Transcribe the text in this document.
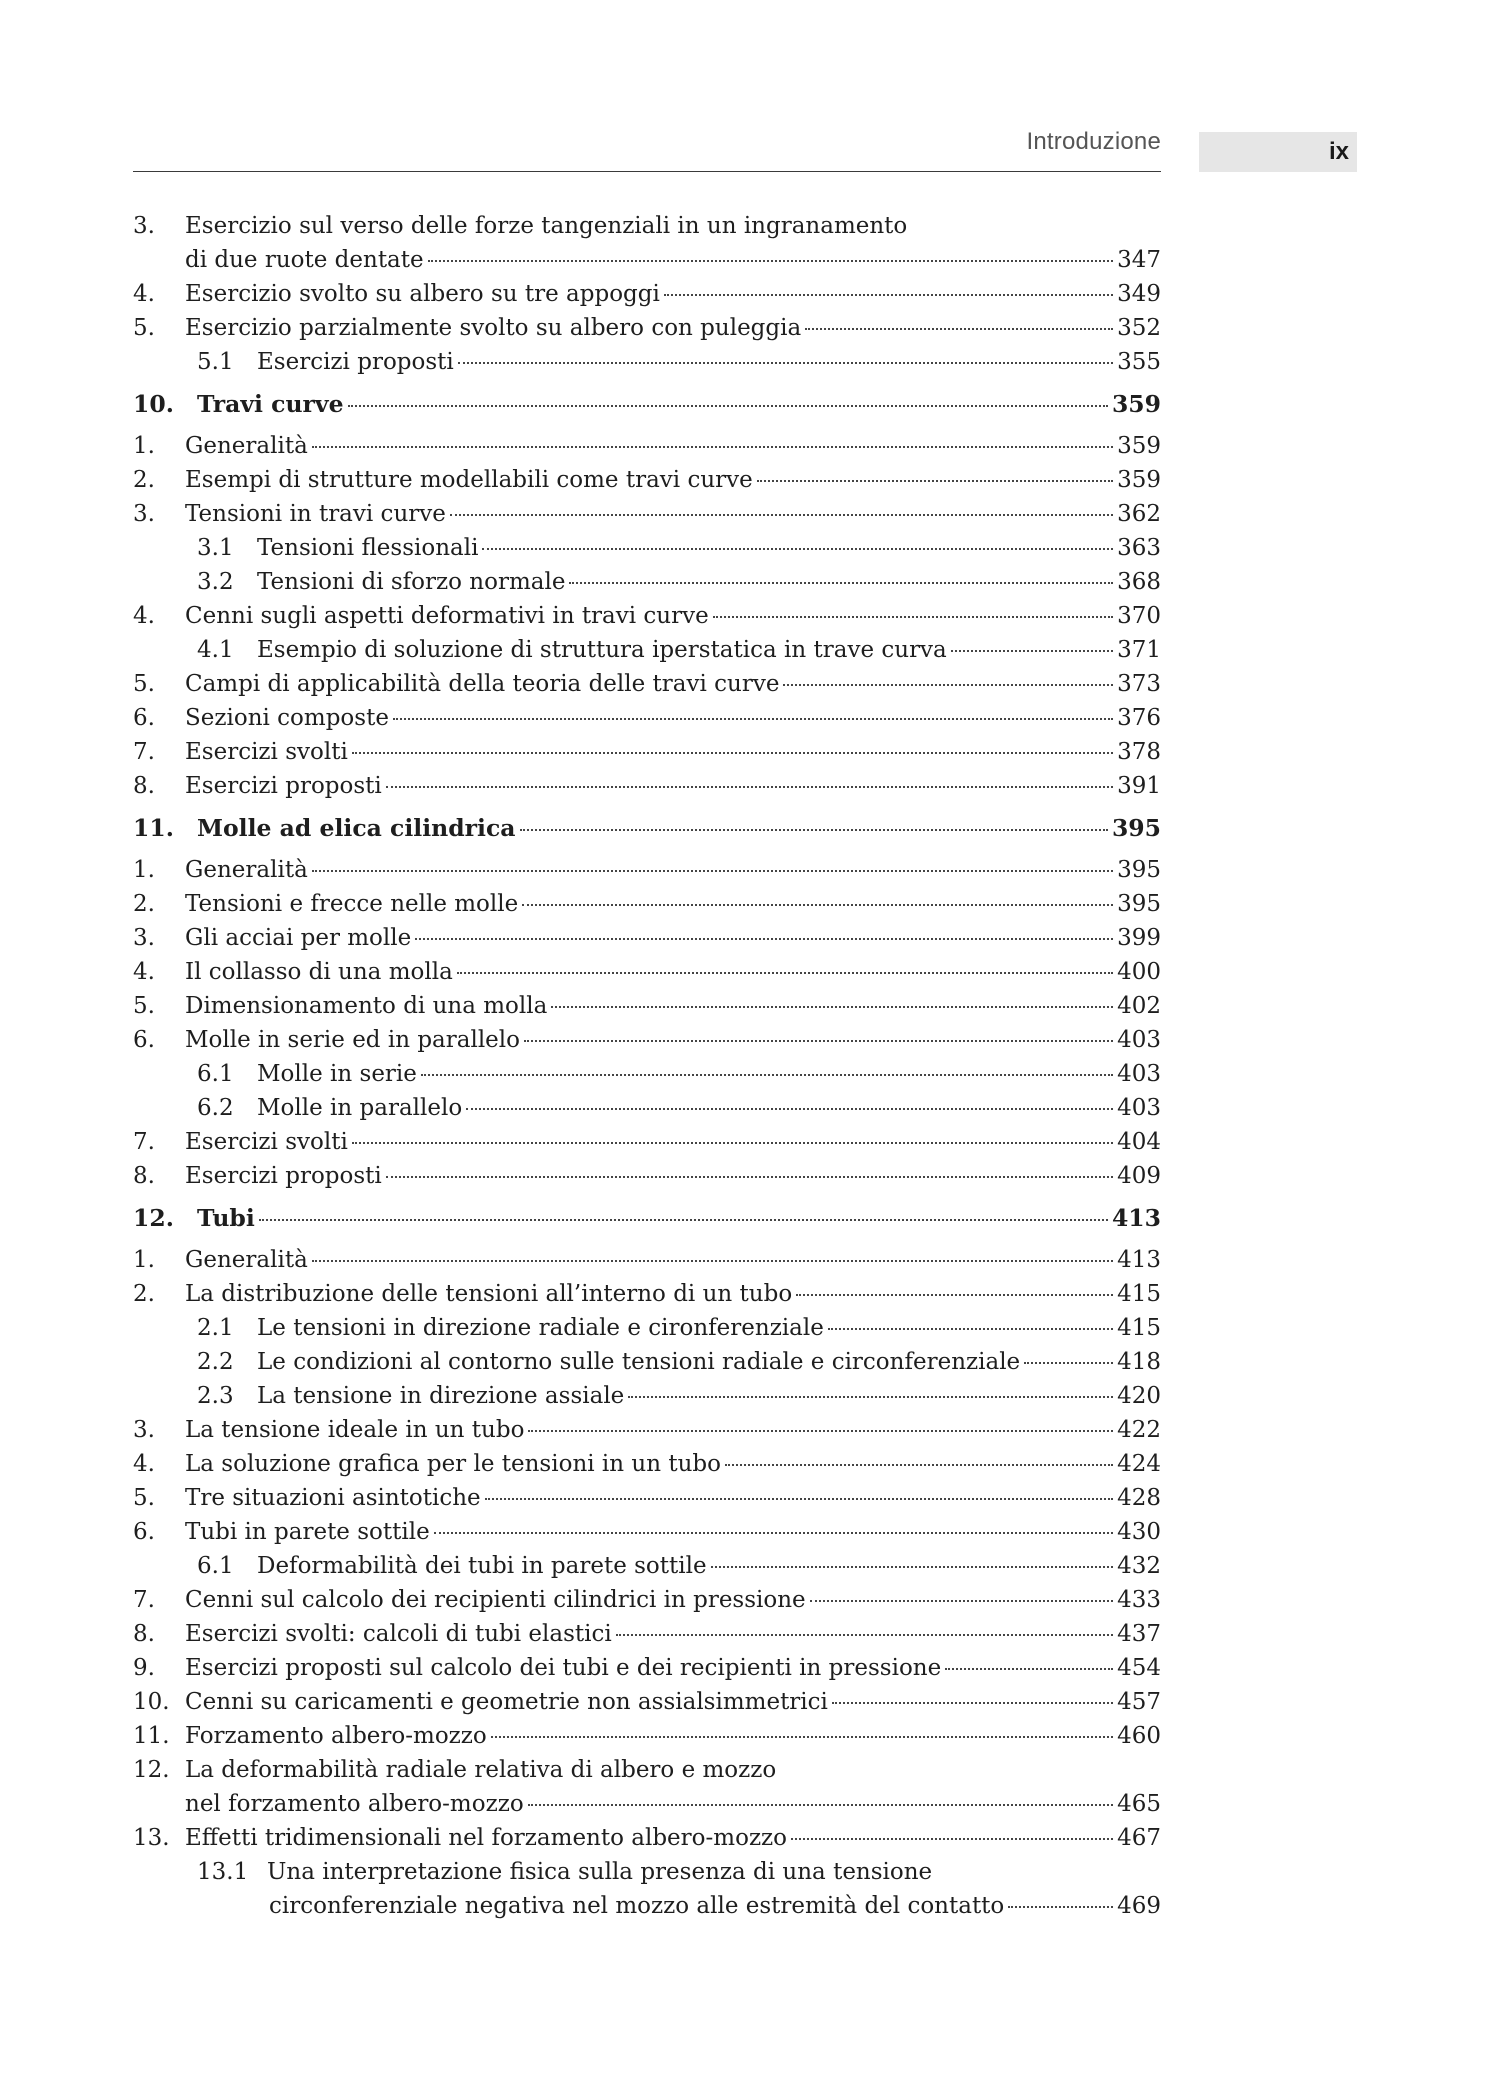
Introduzione	ix
3.	Esercizio sul verso delle forze tangenziali in un ingranamento
di due ruote dentate	347
4.	Esercizio svolto su albero su tre appoggi	349
5.	Esercizio parzialmente svolto su albero con puleggia	352
5.1	Esercizi proposti	355
10. Travi curve	359
1.	Generalità	359
2.	Esempi di strutture modellabili come travi curve	359
3.	Tensioni in travi curve	362
3.1	Tensioni flessionali	363
3.2	Tensioni di sforzo normale	368
4.	Cenni sugli aspetti deformativi in travi curve	370
4.1	Esempio di soluzione di struttura iperstatica in trave curva	371
5.	Campi di applicabilità della teoria delle travi curve	373
6.	Sezioni composte	376
7.	Esercizi svolti	378
8.	Esercizi proposti	391
11. Molle ad elica cilindrica	395
1.	Generalità	395
2.	Tensioni e frecce nelle molle	395
3.	Gli acciai per molle	399
4.	Il collasso di una molla	400
5.	Dimensionamento di una molla	402
6.	Molle in serie ed in parallelo	403
6.1	Molle in serie	403
6.2	Molle in parallelo	403
7.	Esercizi svolti	404
8.	Esercizi proposti	409
12. Tubi	413
1.	Generalità	413
2.	La distribuzione delle tensioni all’interno di un tubo	415
2.1	Le tensioni in direzione radiale e cironferenziale	415
2.2	Le condizioni al contorno sulle tensioni radiale e circonferenziale	418
2.3	La tensione in direzione assiale	420
3.	La tensione ideale in un tubo	422
4.	La soluzione grafica per le tensioni in un tubo	424
5.	Tre situazioni asintotiche	428
6.	Tubi in parete sottile	430
6.1	Deformabilità dei tubi in parete sottile	432
7.	Cenni sul calcolo dei recipienti cilindrici in pressione	433
8.	Esercizi svolti: calcoli di tubi elastici	437
9.	Esercizi proposti sul calcolo dei tubi e dei recipienti in pressione	454
10. Cenni su caricamenti e geometrie non assialsimmetrici	457
11. Forzamento albero-mozzo	460
12. La deformabilità radiale relativa di albero e mozzo
nel forzamento albero-mozzo	465
13. Effetti tridimensionali nel forzamento albero-mozzo	467
13.1 Una interpretazione fisica sulla presenza di una tensione
circonferenziale negativa nel mozzo alle estremità del contatto	469
